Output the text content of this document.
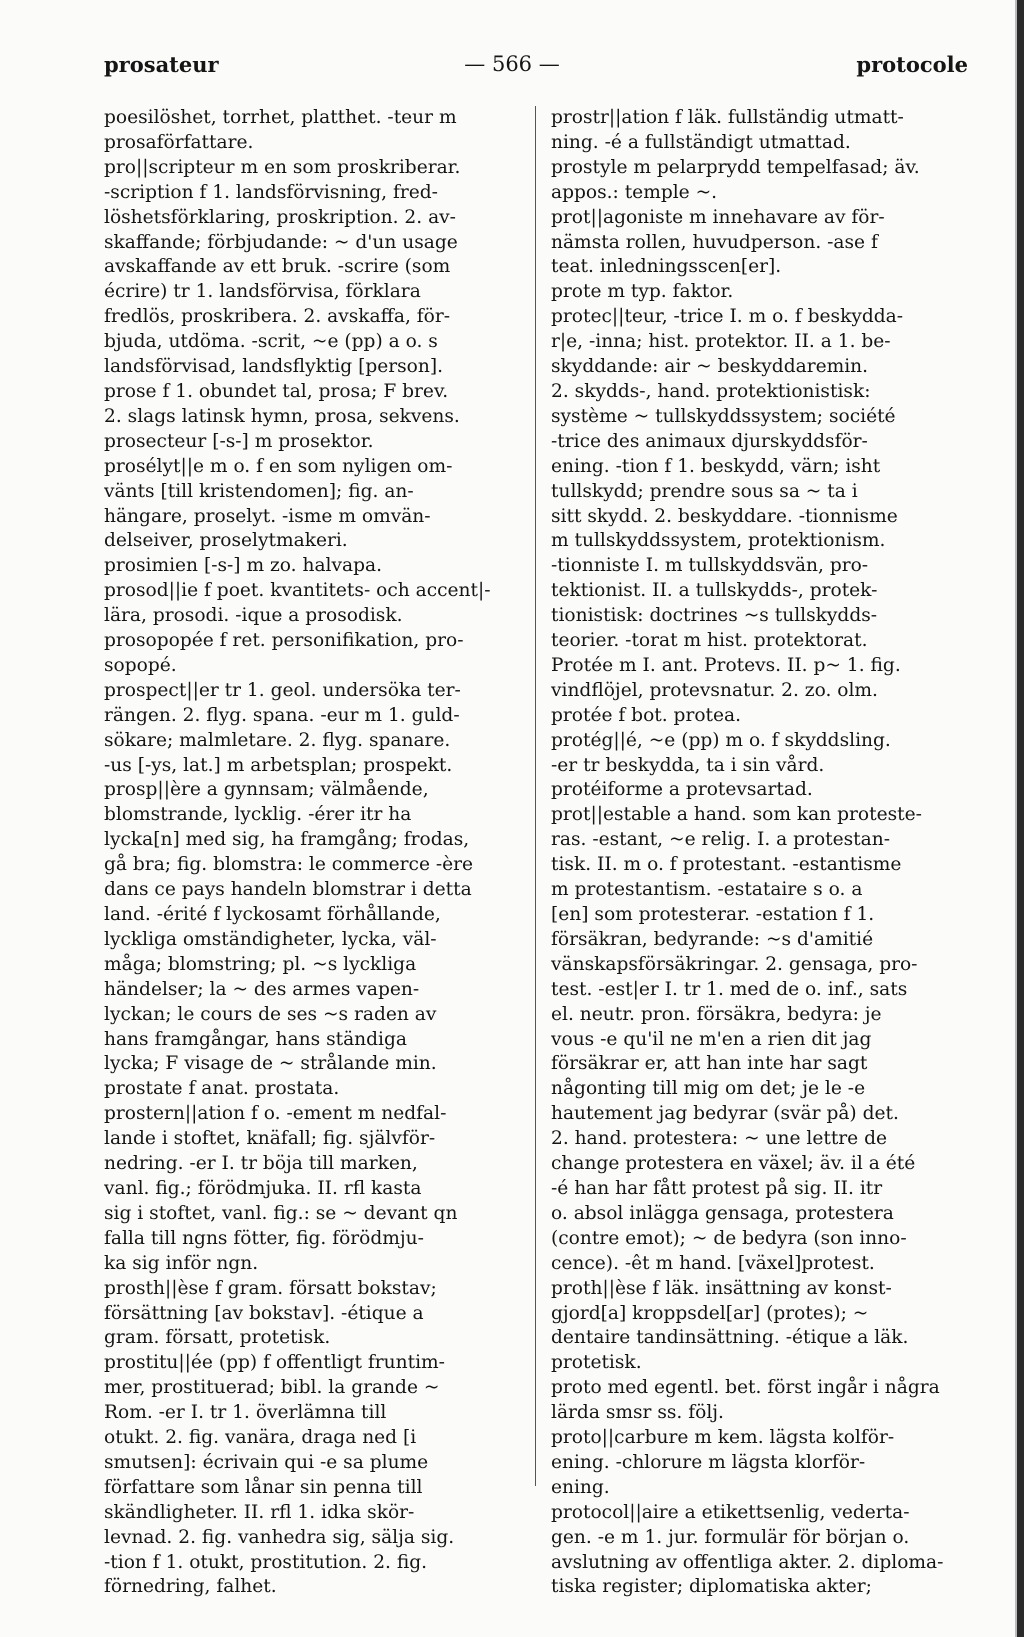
prosateur	— 566 —	protocole
poesilöshet, torrhet, platthet. -teur m
prosaförfattare.
pro||scripteur m en som proskriberar.
-scription f 1. landsförvisning, fred-
löshetsförklaring, proskription. 2. av-
skaffande; förbjudande: ~ d'un usage
avskaffande av ett bruk. -scrire (som
écrire) tr 1. landsförvisa, förklara
fredlös, proskribera. 2. avskaffa, för-
bjuda, utdöma. -scrit, ~e (pp) a o. s
landsförvisad, landsflyktig [person].
prose f 1. obundet tal, prosa; F brev.
2. slags latinsk hymn, prosa, sekvens.
prosecteur [-s-] m prosektor.
prosélyt||e m o. f en som nyligen om-
vänts [till kristendomen]; fig. an-
hängare, proselyt. -isme m omvän-
delseiver, proselytmakeri.
prosimien [-s-] m zo. halvapa.
prosod||ie f poet. kvantitets- och accent|-
lära, prosodi. -ique a prosodisk.
prosopopée f ret. personifikation, pro-
sopopé.
prospect||er tr 1. geol. undersöka ter-
rängen. 2. flyg. spana. -eur m 1. guld-
sökare; malmletare. 2. flyg. spanare.
-us [-ys, lat.] m arbetsplan; prospekt.
prosp||ère a gynnsam; välmående,
blomstrande, lycklig. -érer itr ha
lycka[n] med sig, ha framgång; frodas,
gå bra; fig. blomstra: le commerce -ère
dans ce pays handeln blomstrar i detta
land. -érité f lyckosamt förhållande,
lyckliga omständigheter, lycka, väl-
måga; blomstring; pl. ~s lyckliga
händelser; la ~ des armes vapen-
lyckan; le cours de ses ~s raden av
hans framgångar, hans ständiga
lycka; F visage de ~ strålande min.
prostate f anat. prostata.
prostern||ation f o. -ement m nedfal-
lande i stoftet, knäfall; fig. självför-
nedring. -er I. tr böja till marken,
vanl. fig.; förödmjuka. II. rfl kasta
sig i stoftet, vanl. fig.: se ~ devant qn
falla till ngns fötter, fig. förödmju-
ka sig inför ngn.
prosth||èse f gram. försatt bokstav;
försättning [av bokstav]. -étique a
gram. försatt, protetisk.
prostitu||ée (pp) f offentligt fruntim-
mer, prostituerad; bibl. la grande ~
Rom. -er I. tr 1. överlämna till
otukt. 2. fig. vanära, draga ned [i
smutsen]: écrivain qui -e sa plume
författare som lånar sin penna till
skändligheter. II. rfl 1. idka skör-
levnad. 2. fig. vanhedra sig, sälja sig.
-tion f 1. otukt, prostitution. 2. fig.
förnedring, falhet.
prostr||ation f läk. fullständig utmatt-
ning. -é a fullständigt utmattad.
prostyle m pelarprydd tempelfasad; äv.
appos.: temple ~.
prot||agoniste m innehavare av för-
nämsta rollen, huvudperson. -ase f
teat. inledningsscen[er].
prote m typ. faktor.
protec||teur, -trice I. m o. f beskydda-
r|e, -inna; hist. protektor. II. a 1. be-
skyddande: air ~ beskyddaremin.
2. skydds-, hand. protektionistisk:
système ~ tullskyddssystem; société
-trice des animaux djurskyddsför-
ening. -tion f 1. beskydd, värn; isht
tullskydd; prendre sous sa ~ ta i
sitt skydd. 2. beskyddare. -tionnisme
m tullskyddssystem, protektionism.
-tionniste I. m tullskyddsvän, pro-
tektionist. II. a tullskydds-, protek-
tionistisk: doctrines ~s tullskydds-
teorier. -torat m hist. protektorat.
Protée m I. ant. Protevs. II. p~ 1. fig.
vindflöjel, protevsnatur. 2. zo. olm.
protée f bot. protea.
protég||é, ~e (pp) m o. f skyddsling.
-er tr beskydda, ta i sin vård.
protéiforme a protevsartad.
prot||estable a hand. som kan proteste-
ras. -estant, ~e relig. I. a protestan-
tisk. II. m o. f protestant. -estantisme
m protestantism. -estataire s o. a
[en] som protesterar. -estation f 1.
försäkran, bedyrande: ~s d'amitié
vänskapsförsäkringar. 2. gensaga, pro-
test. -est|er I. tr 1. med de o. inf., sats
el. neutr. pron. försäkra, bedyra: je
vous -e qu'il ne m'en a rien dit jag
försäkrar er, att han inte har sagt
någonting till mig om det; je le -e
hautement jag bedyrar (svär på) det.
2. hand. protestera: ~ une lettre de
change protestera en växel; äv. il a été
-é han har fått protest på sig. II. itr
o. absol inlägga gensaga, protestera
(contre emot); ~ de bedyra (son inno-
cence). -êt m hand. [växel]protest.
proth||èse f läk. insättning av konst-
gjord[a] kroppsdel[ar] (protes); ~
dentaire tandinsättning. -étique a läk.
protetisk.
proto med egentl. bet. först ingår i några
lärda smsr ss. följ.
proto||carbure m kem. lägsta kolför-
ening. -chlorure m lägsta klorför-
ening.
protocol||aire a etikettsenlig, vederta-
gen. -e m 1. jur. formulär för början o.
avslutning av offentliga akter. 2. diploma-
tiska register; diplomatiska akter;
